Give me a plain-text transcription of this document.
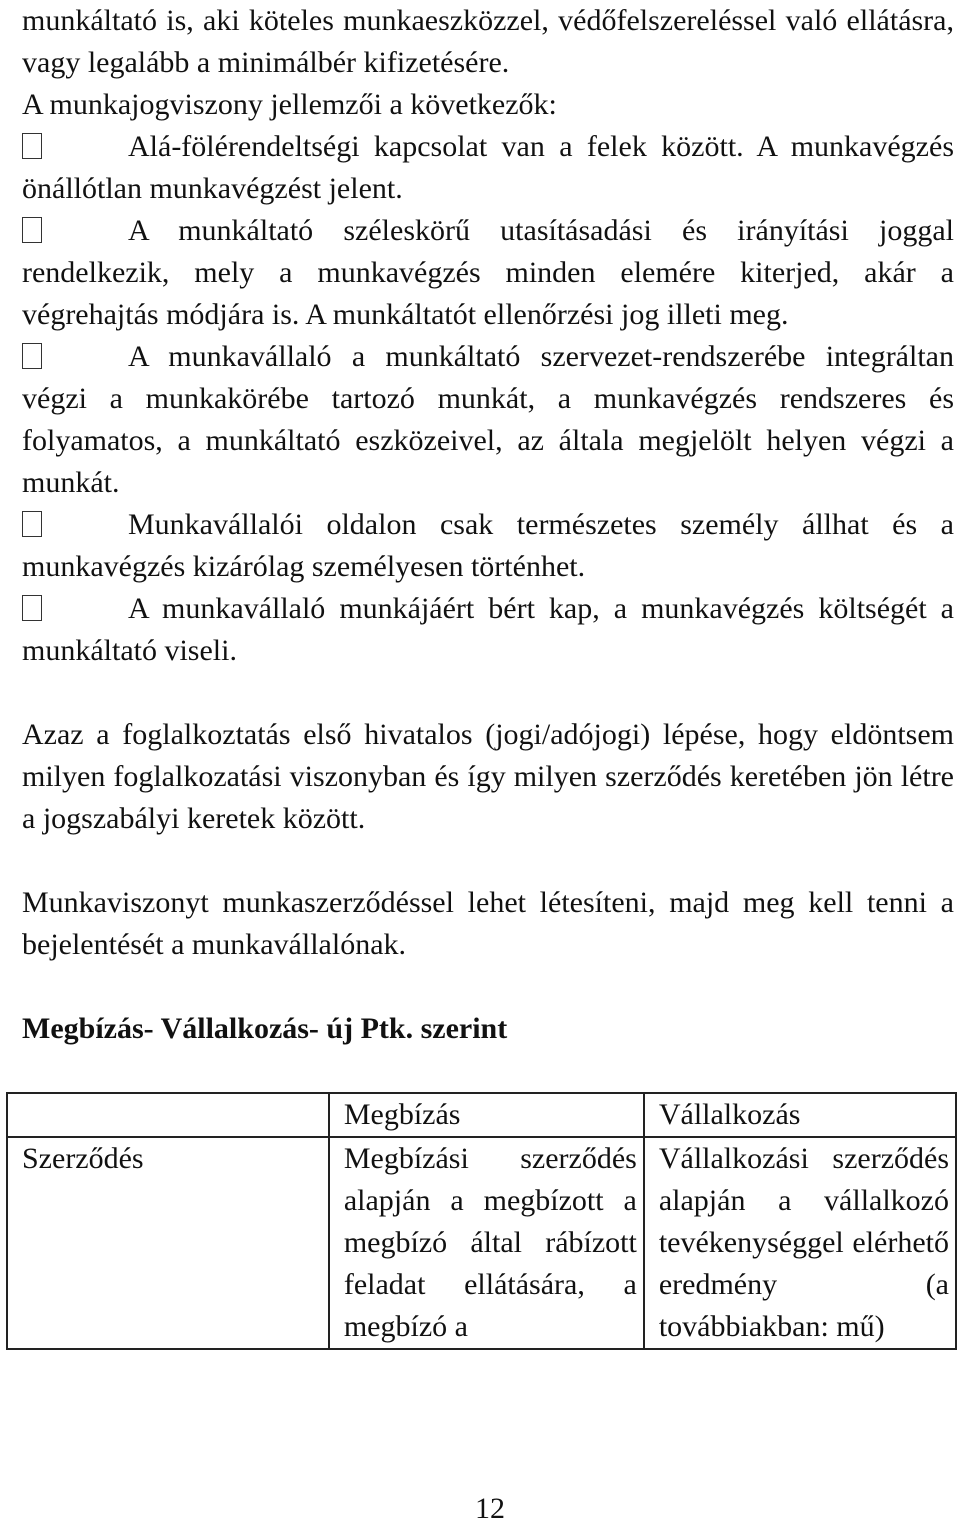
munkáltató is, aki köteles munkaeszközzel, védőfelszereléssel való ellátásra, vagy legalább a minimálbér kifizetésére.

A munkajogviszony jellemzői a következők:

Alá-fölérendeltségi kapcsolat van a felek között. A munkavégzés önállótlan munkavégzést jelent.

A munkáltató széleskörű utasításadási és irányítási joggal rendelkezik, mely a munkavégzés minden elemére kiterjed, akár a végrehajtás módjára is. A munkáltatót ellenőrzési jog illeti meg.

A munkavállaló a munkáltató szervezet-rendszerébe integráltan végzi a munkakörébe tartozó munkát, a munkavégzés rendszeres és folyamatos, a munkáltató eszközeivel, az általa megjelölt helyen végzi a munkát.

Munkavállalói oldalon csak természetes személy állhat és a munkavégzés kizárólag személyesen történhet.

A munkavállaló munkájáért bért kap, a munkavégzés költségét a munkáltató viseli.

Azaz a foglalkoztatás első hivatalos (jogi/adójogi) lépése, hogy eldöntsem milyen foglalkozatási viszonyban és így milyen szerződés keretében jön létre a jogszabályi keretek között.

Munkaviszonyt munkaszerződéssel lehet létesíteni, majd meg kell tenni a bejelentését a munkavállalónak.

Megbízás- Vállalkozás- új Ptk. szerint

	Megbízás	Vállalkozás
Szerződés	Megbízási szerződés alapján a megbízott a megbízó által rábízott feladat ellátására, a megbízó a	Vállalkozási szerződés alapján a vállalkozó tevékenységgel elérhető eredmény (a továbbiakban: mű)
12
